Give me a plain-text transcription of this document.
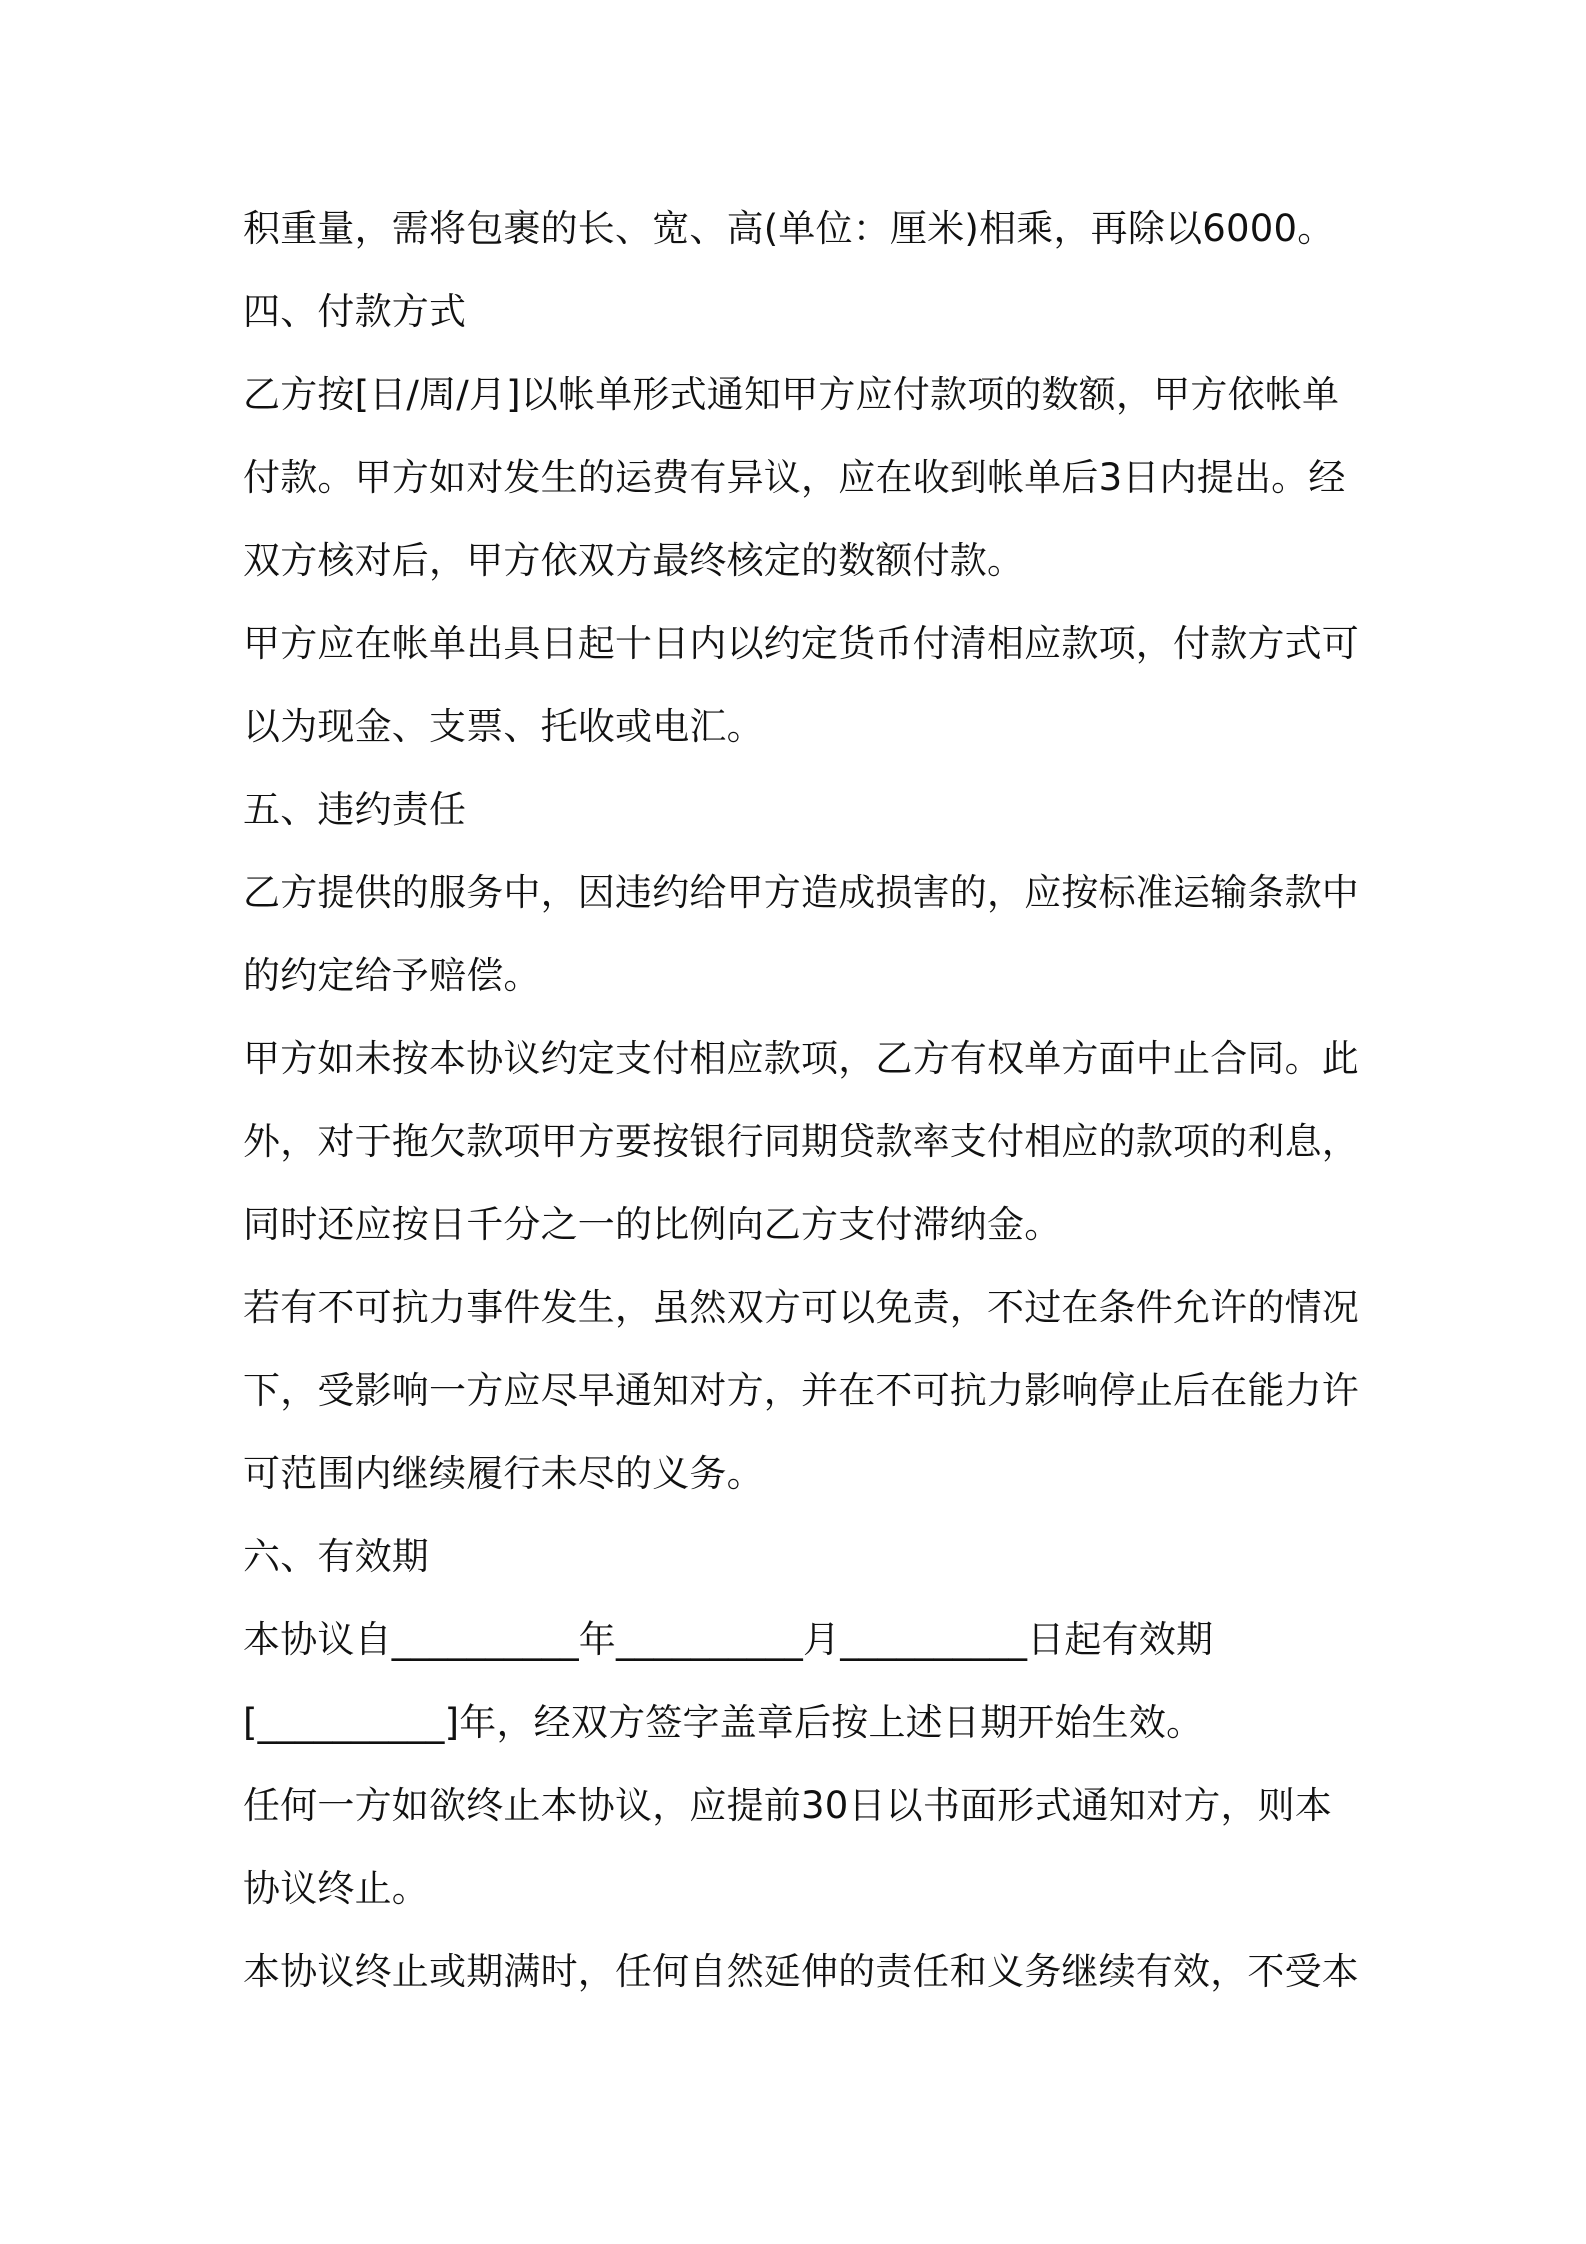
积重量，需将包裹的长、宽、高(单位：厘米)相乘，再除以6000。

四、付款方式

乙方按[日/周/月]以帐单形式通知甲方应付款项的数额，甲方依帐单

付款。甲方如对发生的运费有异议，应在收到帐单后3日内提出。经

双方核对后，甲方依双方最终核定的数额付款。

甲方应在帐单出具日起十日内以约定货币付清相应款项，付款方式可

以为现金、支票、托收或电汇。

五、违约责任

乙方提供的服务中，因违约给甲方造成损害的，应按标准运输条款中

的约定给予赔偿。

甲方如未按本协议约定支付相应款项，乙方有权单方面中止合同。此

外，对于拖欠款项甲方要按银行同期贷款率支付相应的款项的利息，

同时还应按日千分之一的比例向乙方支付滞纳金。

若有不可抗力事件发生，虽然双方可以免责，不过在条件允许的情况

下，受影响一方应尽早通知对方，并在不可抗力影响停止后在能力许

可范围内继续履行未尽的义务。

六、有效期

本协议自__________年__________月__________日起有效期

[__________]年，经双方签字盖章后按上述日期开始生效。

任何一方如欲终止本协议，应提前30日以书面形式通知对方，则本

协议终止。

本协议终止或期满时，任何自然延伸的责任和义务继续有效，不受本
